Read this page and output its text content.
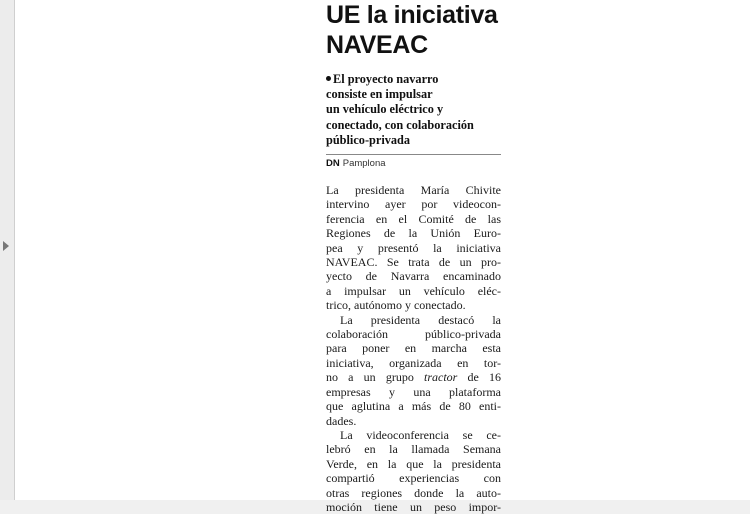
UE la iniciativa
NAVEAC
El proyecto navarro
consiste en impulsar
un vehículo eléctrico y
conectado, con colaboración
público-privada
DN Pamplona
La presidenta María Chivite
intervino ayer por videocon-
ferencia en el Comité de las
Regiones de la Unión Euro-
pea y presentó la iniciativa
NAVEAC. Se trata de un pro-
yecto de Navarra encaminado
a impulsar un vehículo eléc-
trico, autónomo y conectado.
La presidenta destacó la
colaboración público-privada
para poner en marcha esta
iniciativa, organizada en tor-
no a un grupo tractor de 16
empresas y una plataforma
que aglutina a más de 80 enti-
dades.
La videoconferencia se ce-
lebró en la llamada Semana
Verde, en la que la presidenta
compartió experiencias con
otras regiones donde la auto-
moción tiene un peso impor-
